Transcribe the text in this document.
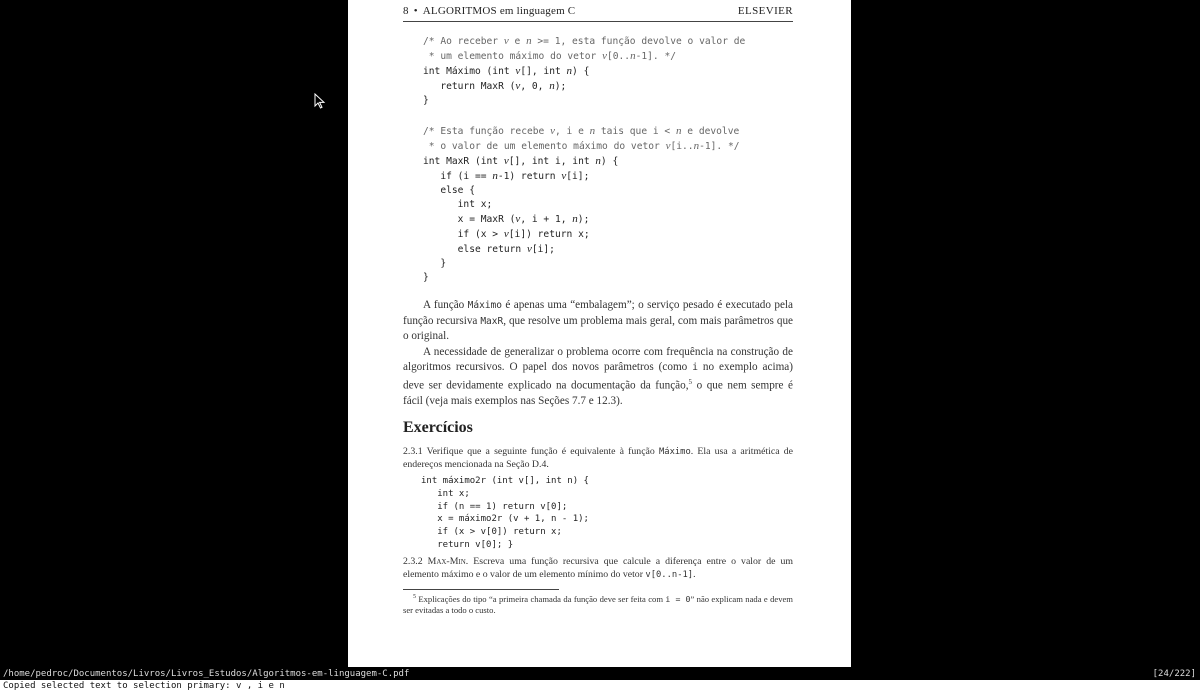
8 • ALGORITMOS em linguagem C	ELSEVIER
/* Ao receber v e n >= 1, esta função devolve o valor de
* um elemento máximo do vetor v[0..n-1]. */
int Máximo (int v[], int n) {
return MaxR (v, 0, n);
}
/* Esta função recebe v, i e n tais que i < n e devolve
* o valor de um elemento máximo do vetor v[i..n-1]. */
int MaxR (int v[], int i, int n) {
if (i == n-1) return v[i];
else {
int x;
x = MaxR (v, i + 1, n);
if (x > v[i]) return x;
else return v[i];
}
}
A função Máximo é apenas uma “embalagem”; o serviço pesado é executado pela função recursiva MaxR, que resolve um problema mais geral, com mais parâmetros que o original.
A necessidade de generalizar o problema ocorre com frequência na construção de algoritmos recursivos. O papel dos novos parâmetros (como i no exemplo acima) deve ser devidamente explicado na documentação da função,$^5$ o que nem sempre é fácil (veja mais exemplos nas Seções 7.7 e 12.3).
Exercícios
2.3.1 Verifique que a seguinte função é equivalente à função Máximo. Ela usa a aritmética de endereços mencionada na Seção D.4.
int máximo2r (int v[], int n) {
int x;
if (n == 1) return v[0];
x = máximo2r (v + 1, n - 1);
if (x > v[0]) return x;
return v[0]; }
2.3.2 Max-Min. Escreva uma função recursiva que calcule a diferença entre o valor de um elemento máximo e o valor de um elemento mínimo do vetor v[0..n-1].
$^5$ Explicações do tipo “a primeira chamada da função deve ser feita com i = 0” não explicam nada e devem ser evitadas a todo o custo.
/home/pedroc/Documentos/Livros/Livros_Estudos/Algoritmos-em-linguagem-C.pdf	[24/222]
Copied selected text to selection primary: v , i e n
